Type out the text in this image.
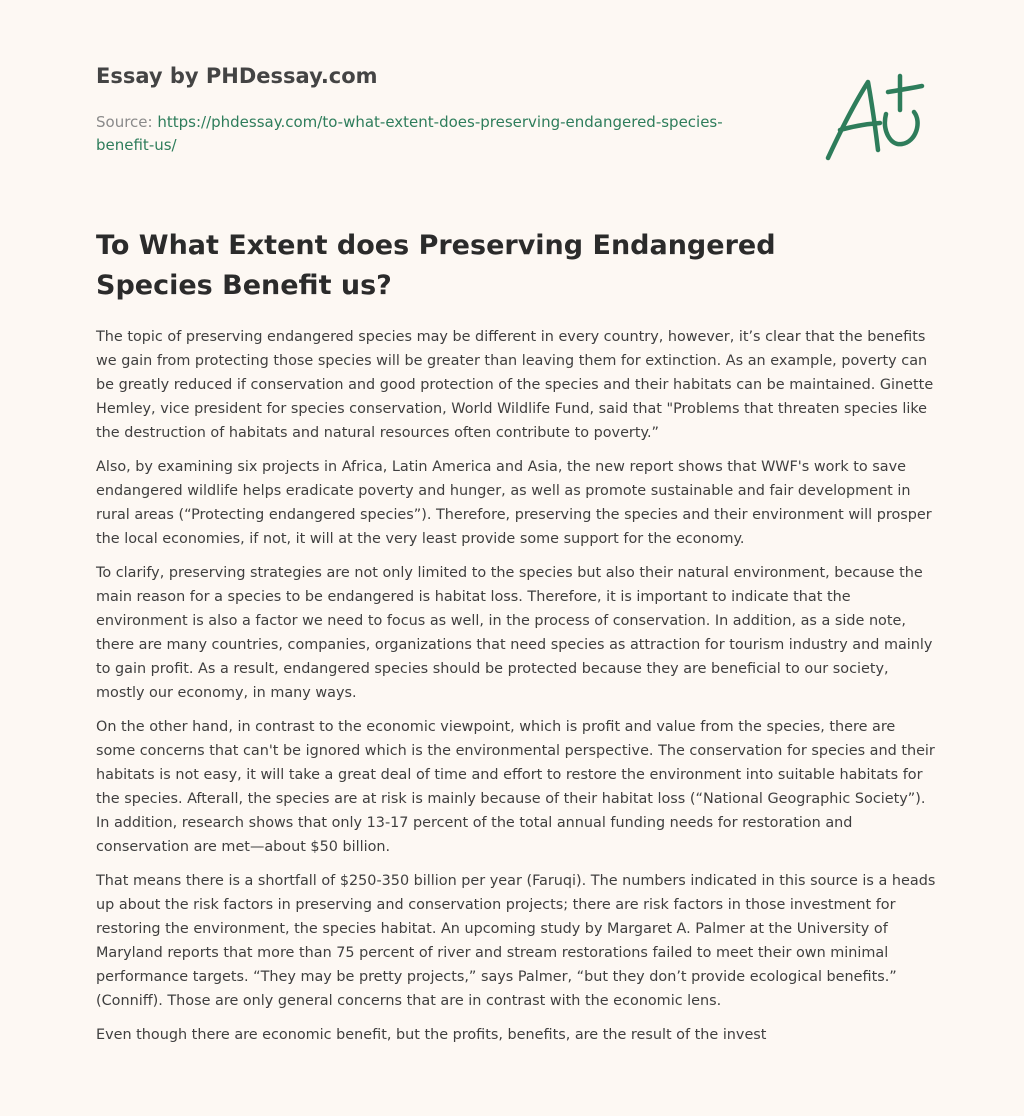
Essay by PHDessay.com
Source: https://phdessay.com/to-what-extent-does-preserving-endangered-species-benefit-us/
To What Extent does Preserving Endangered Species Benefit us?

The topic of preserving endangered species may be different in every country, however, it’s clear that the benefits we gain from protecting those species will be greater than leaving them for extinction. As an example, poverty can be greatly reduced if conservation and good protection of the species and their habitats can be maintained. Ginette Hemley, vice president for species conservation, World Wildlife Fund, said that "Problems that threaten species like the destruction of habitats and natural resources often contribute to poverty.”

Also, by examining six projects in Africa, Latin America and Asia, the new report shows that WWF's work to save endangered wildlife helps eradicate poverty and hunger, as well as promote sustainable and fair development in rural areas (“Protecting endangered species”). Therefore, preserving the species and their environment will prosper the local economies, if not, it will at the very least provide some support for the economy.

To clarify, preserving strategies are not only limited to the species but also their natural environment, because the main reason for a species to be endangered is habitat loss. Therefore, it is important to indicate that the environment is also a factor we need to focus as well, in the process of conservation. In addition, as a side note, there are many countries, companies, organizations that need species as attraction for tourism industry and mainly to gain profit. As a result, endangered species should be protected because they are beneficial to our society, mostly our economy, in many ways.

On the other hand, in contrast to the economic viewpoint, which is profit and value from the species, there are some concerns that can't be ignored which is the environmental perspective. The conservation for species and their habitats is not easy, it will take a great deal of time and effort to restore the environment into suitable habitats for the species. Afterall, the species are at risk is mainly because of their habitat loss (“National Geographic Society”). In addition, research shows that only 13-17 percent of the total annual funding needs for restoration and conservation are met—about $50 billion.

That means there is a shortfall of $250-350 billion per year (Faruqi). The numbers indicated in this source is a heads up about the risk factors in preserving and conservation projects; there are risk factors in those investment for restoring the environment, the species habitat. An upcoming study by Margaret A. Palmer at the University of Maryland reports that more than 75 percent of river and stream restorations failed to meet their own minimal performance targets. “They may be pretty projects,” says Palmer, “but they don’t provide ecological benefits.” (Conniff). Those are only general concerns that are in contrast with the economic lens.

Even though there are economic benefit, but the profits, benefits, are the result of the invest
